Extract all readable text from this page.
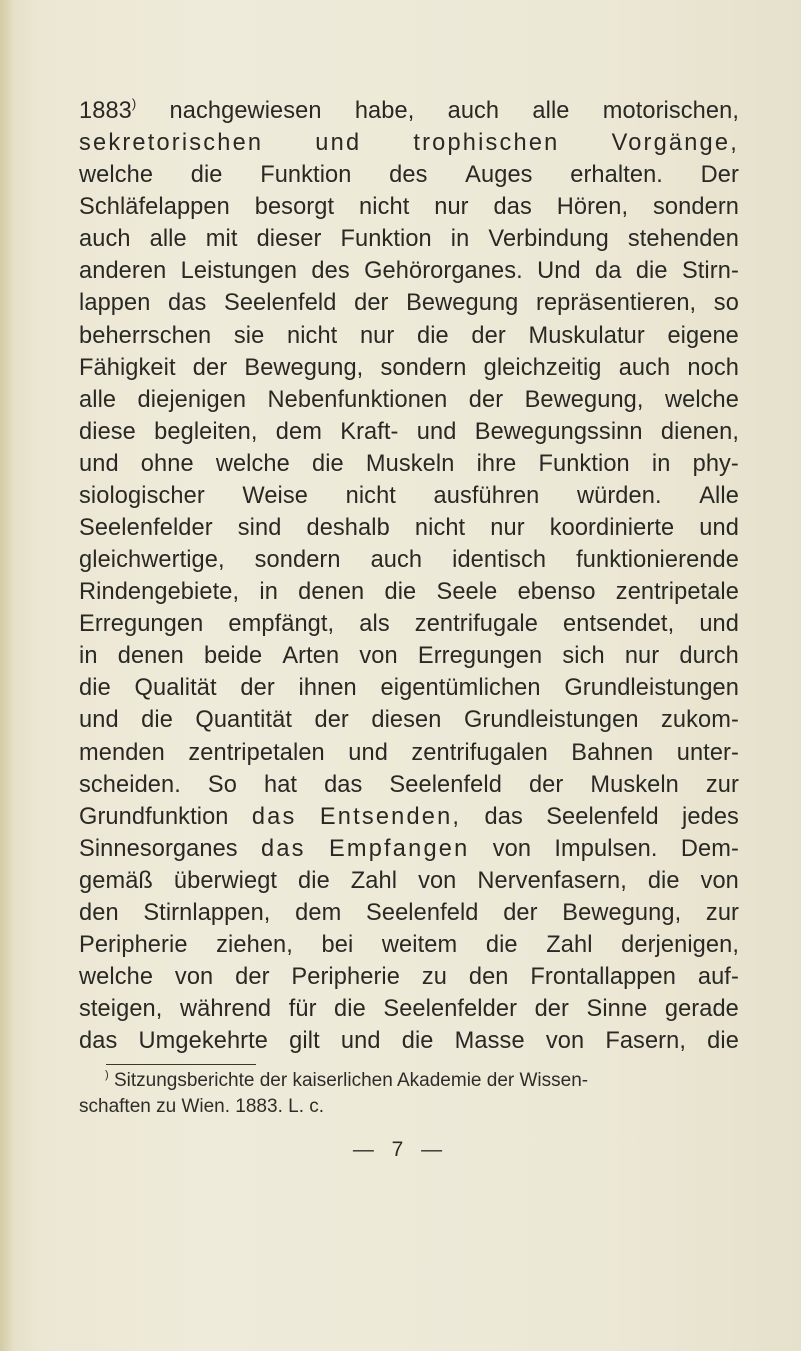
1883) nachgewiesen habe, auch alle motorischen,
sekretorischen und trophischen Vorgänge,
welche die Funktion des Auges erhalten. Der
Schläfelappen besorgt nicht nur das Hören, sondern
auch alle mit dieser Funktion in Verbindung stehenden
anderen Leistungen des Gehörorganes. Und da die Stirn-
lappen das Seelenfeld der Bewegung repräsentieren, so
beherrschen sie nicht nur die der Muskulatur eigene
Fähigkeit der Bewegung, sondern gleichzeitig auch noch
alle diejenigen Nebenfunktionen der Bewegung, welche
diese begleiten, dem Kraft- und Bewegungssinn dienen,
und ohne welche die Muskeln ihre Funktion in phy-
siologischer Weise nicht ausführen würden. Alle
Seelenfelder sind deshalb nicht nur koordinierte und
gleichwertige, sondern auch identisch funktionierende
Rindengebiete, in denen die Seele ebenso zentripetale
Erregungen empfängt, als zentrifugale entsendet, und
in denen beide Arten von Erregungen sich nur durch
die Qualität der ihnen eigentümlichen Grundleistungen
und die Quantität der diesen Grundleistungen zukom-
menden zentripetalen und zentrifugalen Bahnen unter-
scheiden. So hat das Seelenfeld der Muskeln zur
Grundfunktion das Entsenden, das Seelenfeld jedes
Sinnesorganes das Empfangen von Impulsen. Dem-
gemäß überwiegt die Zahl von Nervenfasern, die von
den Stirnlappen, dem Seelenfeld der Bewegung, zur
Peripherie ziehen, bei weitem die Zahl derjenigen,
welche von der Peripherie zu den Frontallappen auf-
steigen, während für die Seelenfelder der Sinne gerade
das Umgekehrte gilt und die Masse von Fasern, die
) Sitzungsberichte der kaiserlichen Akademie der Wissen-
schaften zu Wien. 1883. L. c.
— 7 —
